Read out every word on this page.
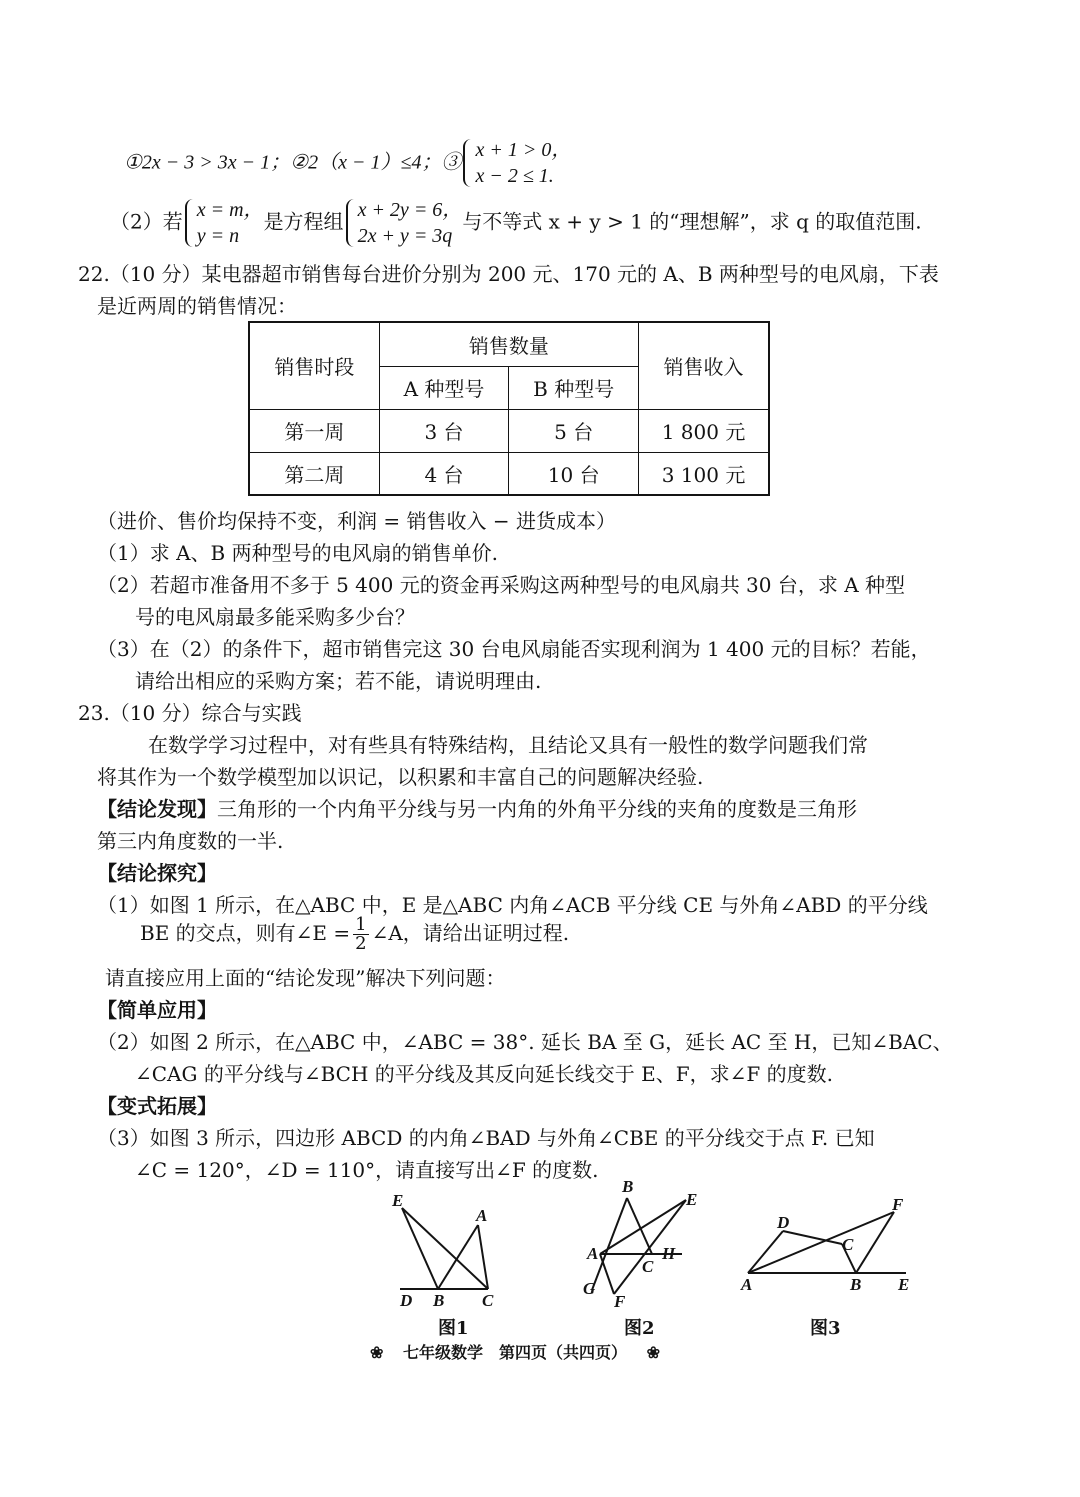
①2x − 3 > 3x − 1；②2（x − 1）≤4；③
x + 1 > 0，
x − 2 ≤ 1.
（2）若 x = m，
y = n
是方程组 x + 2y = 6，
2x + y = 3q
与不等式 x + y > 1 的“理想解”，求 q 的取值范围.
22.（10 分）某电器超市销售每台进价分别为 200 元、170 元的 A、B 两种型号的电风扇，下表
是近两周的销售情况：
销售时段	销售数量		销售收入
	A 种型号	B 种型号	
第一周	3 台	5 台	1 800 元
第二周	4 台	10 台	3 100 元
（进价、售价均保持不变，利润 = 销售收入 − 进货成本）
（1）求 A、B 两种型号的电风扇的销售单价.
（2）若超市准备用不多于 5 400 元的资金再采购这两种型号的电风扇共 30 台，求 A 种型
号的电风扇最多能采购多少台？
（3）在（2）的条件下，超市销售完这 30 台电风扇能否实现利润为 1 400 元的目标？若能，
请给出相应的采购方案；若不能，请说明理由.
23.（10 分）综合与实践
在数学学习过程中，对有些具有特殊结构，且结论又具有一般性的数学问题我们常
将其作为一个数学模型加以识记，以积累和丰富自己的问题解决经验.
【结论发现】三角形的一个内角平分线与另一内角的外角平分线的夹角的度数是三角形
第三内角度数的一半.
【结论探究】
（1）如图 1 所示，在△ABC 中，E 是△ABC 内角∠ACB 平分线 CE 与外角∠ABD 的平分线
BE 的交点，则有∠E = $\frac{1}{2}$ ∠A，请给出证明过程.
请直接应用上面的“结论发现”解决下列问题：
【简单应用】
（2）如图 2 所示，在△ABC 中，∠ABC = 38°. 延长 BA 至 G，延长 AC 至 H，已知∠BAC、
∠CAG 的平分线与∠BCH 的平分线及其反向延长线交于 E、F，求∠F 的度数.
【变式拓展】
（3）如图 3 所示，四边形 ABCD 的内角∠BAD 与外角∠CBE 的平分线交于点 F. 已知
∠C = 120°，∠D = 110°，请直接写出∠F 的度数.
E
A
D B C
B
E
A	H
C
G
F
D
F
C
A	B E
图1	图2	图3
❀ 七年级数学　第四页（共四页） ❀
